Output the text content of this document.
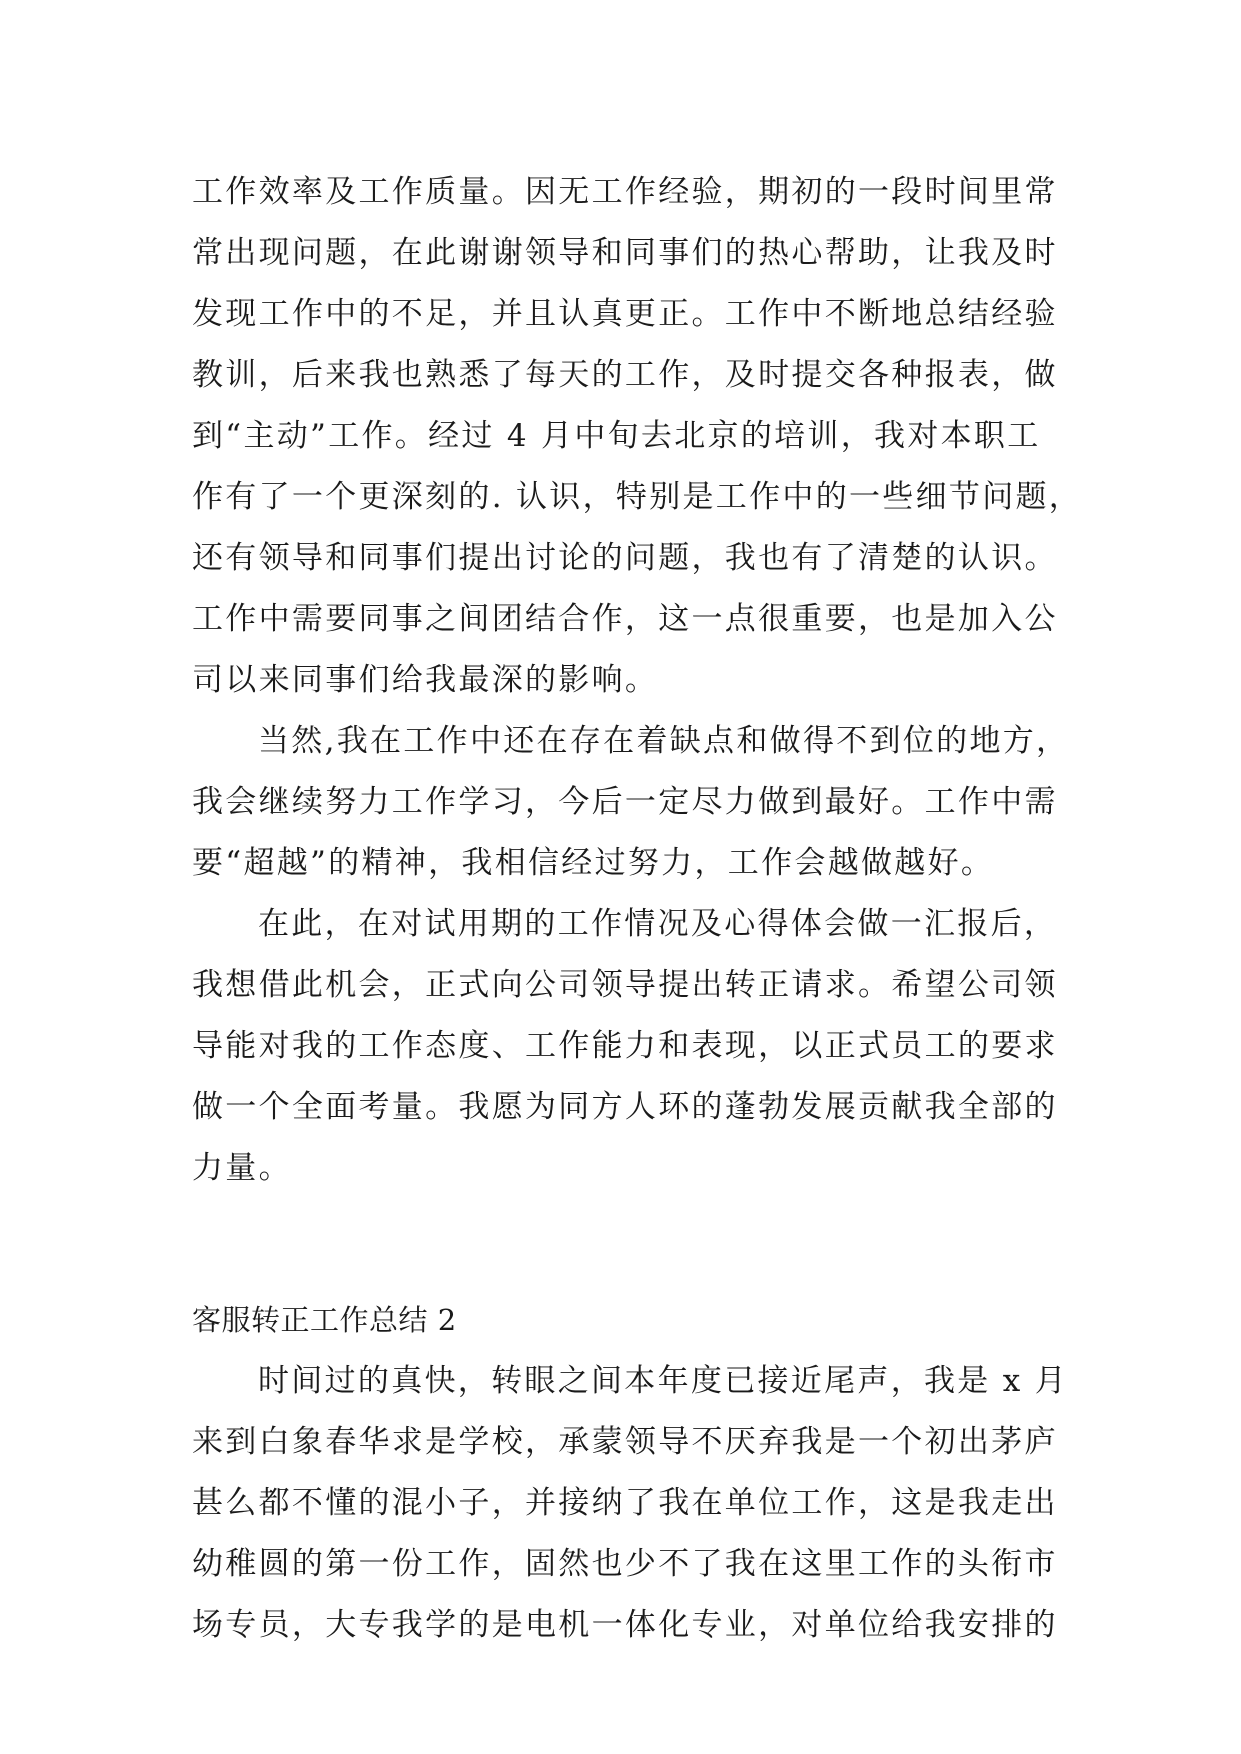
工作效率及工作质量。因无工作经验，期初的一段时间里常
常出现问题，在此谢谢领导和同事们的热心帮助，让我及时
发现工作中的不足，并且认真更正。工作中不断地总结经验
教训，后来我也熟悉了每天的工作，及时提交各种报表，做
到“主动”工作。经过 4 月中旬去北京的培训，我对本职工
作有了一个更深刻的. 认识，特别是工作中的一些细节问题，
还有领导和同事们提出讨论的问题，我也有了清楚的认识。
工作中需要同事之间团结合作，这一点很重要，也是加入公
司以来同事们给我最深的影响。
当然,我在工作中还在存在着缺点和做得不到位的地方，
我会继续努力工作学习，今后一定尽力做到最好。工作中需
要“超越”的精神，我相信经过努力，工作会越做越好。
在此，在对试用期的工作情况及心得体会做一汇报后，
我想借此机会，正式向公司领导提出转正请求。希望公司领
导能对我的工作态度、工作能力和表现，以正式员工的要求
做一个全面考量。我愿为同方人环的蓬勃发展贡献我全部的
力量。
客服转正工作总结 2
时间过的真快，转眼之间本年度已接近尾声，我是 x 月
来到白象春华求是学校，承蒙领导不厌弃我是一个初出茅庐
甚么都不懂的混小子，并接纳了我在单位工作，这是我走出
幼稚圆的第一份工作，固然也少不了我在这里工作的头衔市
场专员，大专我学的是电机一体化专业，对单位给我安排的
